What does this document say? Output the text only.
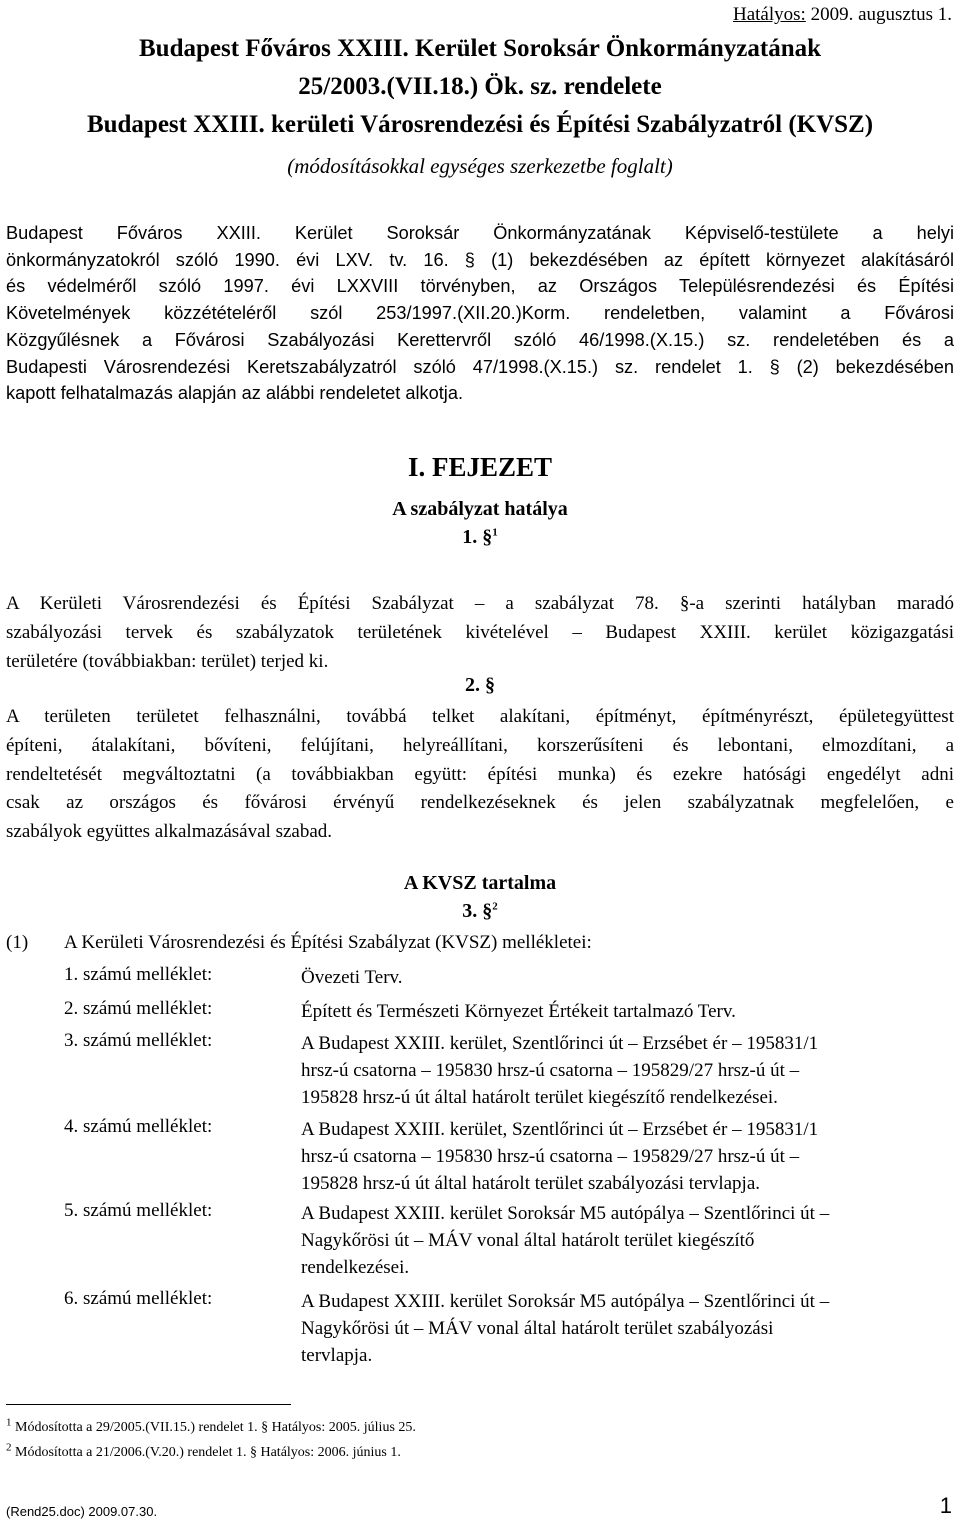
Hatályos: 2009. augusztus 1.
Budapest Főváros XXIII. Kerület Soroksár Önkormányzatának
25/2003.(VII.18.) Ök. sz. rendelete
Budapest XXIII. kerületi Városrendezési és Építési Szabályzatról (KVSZ)
(módosításokkal egységes szerkezetbe foglalt)
Budapest Főváros XXIII. Kerület Soroksár Önkormányzatának Képviselő-testülete a helyi
önkormányzatokról szóló 1990. évi LXV. tv. 16. § (1) bekezdésében az épített környezet alakításáról
és védelméről szóló 1997. évi LXXVIII törvényben, az Országos Településrendezési és Építési
Követelmények közzétételéről szól 253/1997.(XII.20.)Korm. rendeletben, valamint a Fővárosi
Közgyűlésnek a Fővárosi Szabályozási Kerettervről szóló 46/1998.(X.15.) sz. rendeletében és a
Budapesti Városrendezési Keretszabályzatról szóló 47/1998.(X.15.) sz. rendelet 1. § (2) bekezdésében
kapott felhatalmazás alapján az alábbi rendeletet alkotja.
I. FEJEZET
A szabályzat hatálya
1. §$^1$
A Kerületi Városrendezési és Építési Szabályzat – a szabályzat 78. §-a szerinti hatályban maradó
szabályozási tervek és szabályzatok területének kivételével – Budapest XXIII. kerület közigazgatási
területére (továbbiakban: terület) terjed ki.
2. §
A területen területet felhasználni, továbbá telket alakítani, építményt, építményrészt, épületegyüttest
építeni, átalakítani, bővíteni, felújítani, helyreállítani, korszerűsíteni és lebontani, elmozdítani, a
rendeltetését megváltoztatni (a továbbiakban együtt: építési munka) és ezekre hatósági engedélyt adni
csak az országos és fővárosi érvényű rendelkezéseknek és jelen szabályzatnak megfelelően, e
szabályok együttes alkalmazásával szabad.
A KVSZ tartalma
3. §$^2$
(1) A Kerületi Városrendezési és Építési Szabályzat (KVSZ) mellékletei:
1. számú melléklet:	Övezeti Terv.
2. számú melléklet:	Épített és Természeti Környezet Értékeit tartalmazó Terv.
3. számú melléklet:	A Budapest XXIII. kerület, Szentlőrinci út – Erzsébet ér – 195831/1
hrsz-ú csatorna – 195830 hrsz-ú csatorna – 195829/27 hrsz-ú út –
195828 hrsz-ú út által határolt terület kiegészítő rendelkezései.
4. számú melléklet:	A Budapest XXIII. kerület, Szentlőrinci út – Erzsébet ér – 195831/1
hrsz-ú csatorna – 195830 hrsz-ú csatorna – 195829/27 hrsz-ú út –
195828 hrsz-ú út által határolt terület szabályozási tervlapja.
5. számú melléklet:	A Budapest XXIII. kerület Soroksár M5 autópálya – Szentlőrinci út –
Nagykőrösi út – MÁV vonal által határolt terület kiegészítő
rendelkezései.
6. számú melléklet:	A Budapest XXIII. kerület Soroksár M5 autópálya – Szentlőrinci út –
Nagykőrösi út – MÁV vonal által határolt terület szabályozási
tervlapja.
$^1$ Módosította a 29/2005.(VII.15.) rendelet 1. § Hatályos: 2005. július 25.
$^2$ Módosította a 21/2006.(V.20.) rendelet 1. § Hatályos: 2006. június 1.
(Rend25.doc) 2009.07.30.	1
